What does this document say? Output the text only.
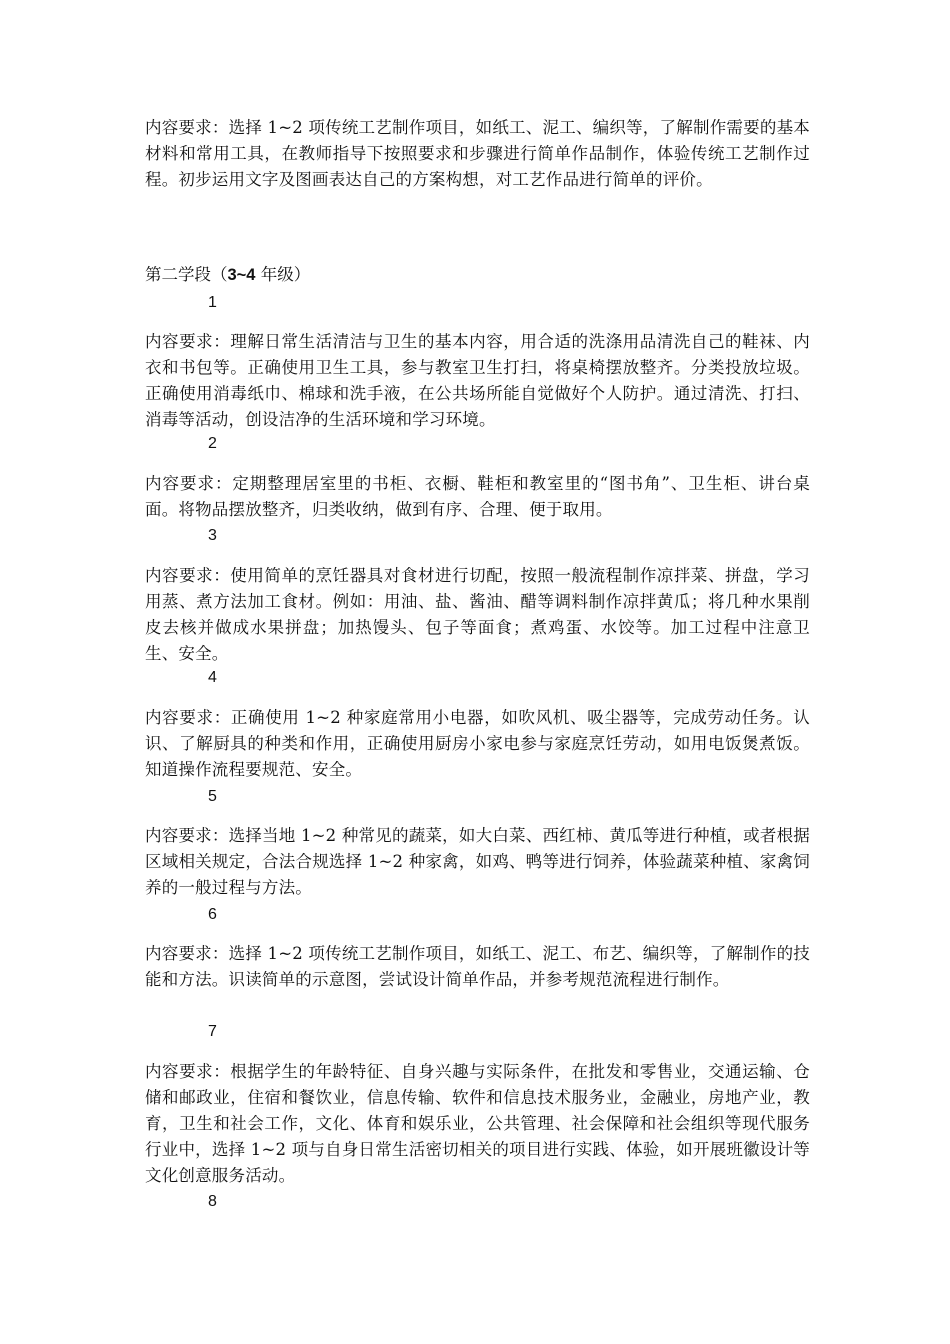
内容要求：选择 1~2 项传统工艺制作项目，如纸工、泥工、编织等，了解制作需要的基本材料和常用工具，在教师指导下按照要求和步骤进行简单作品制作，体验传统工艺制作过程。初步运用文字及图画表达自己的方案构想，对工艺作品进行简单的评价。
第二学段（3~4 年级）
1
内容要求：理解日常生活清洁与卫生的基本内容，用合适的洗涤用品清洗自己的鞋袜、内衣和书包等。正确使用卫生工具，参与教室卫生打扫，将桌椅摆放整齐。分类投放垃圾。正确使用消毒纸巾、棉球和洗手液，在公共场所能自觉做好个人防护。通过清洗、打扫、消毒等活动，创设洁净的生活环境和学习环境。
2
内容要求：定期整理居室里的书柜、衣橱、鞋柜和教室里的“图书角”、卫生柜、讲台桌面。将物品摆放整齐，归类收纳，做到有序、合理、便于取用。
3
内容要求：使用简单的烹饪器具对食材进行切配，按照一般流程制作凉拌菜、拼盘，学习用蒸、煮方法加工食材。例如：用油、盐、酱油、醋等调料制作凉拌黄瓜；将几种水果削皮去核并做成水果拼盘；加热馒头、包子等面食；煮鸡蛋、水饺等。加工过程中注意卫生、安全。
4
内容要求：正确使用 1~2 种家庭常用小电器，如吹风机、吸尘器等，完成劳动任务。认识、了解厨具的种类和作用，正确使用厨房小家电参与家庭烹饪劳动，如用电饭煲煮饭。知道操作流程要规范、安全。
5
内容要求：选择当地 1~2 种常见的蔬菜，如大白菜、西红柿、黄瓜等进行种植，或者根据区域相关规定，合法合规选择 1~2 种家禽，如鸡、鸭等进行饲养，体验蔬菜种植、家禽饲养的一般过程与方法。
6
内容要求：选择 1~2 项传统工艺制作项目，如纸工、泥工、布艺、编织等，了解制作的技能和方法。识读简单的示意图，尝试设计简单作品，并参考规范流程进行制作。
7
内容要求：根据学生的年龄特征、自身兴趣与实际条件，在批发和零售业，交通运输、仓储和邮政业，住宿和餐饮业，信息传输、软件和信息技术服务业，金融业，房地产业，教育，卫生和社会工作，文化、体育和娱乐业，公共管理、社会保障和社会组织等现代服务行业中，选择 1~2 项与自身日常生活密切相关的项目进行实践、体验，如开展班徽设计等文化创意服务活动。
8
